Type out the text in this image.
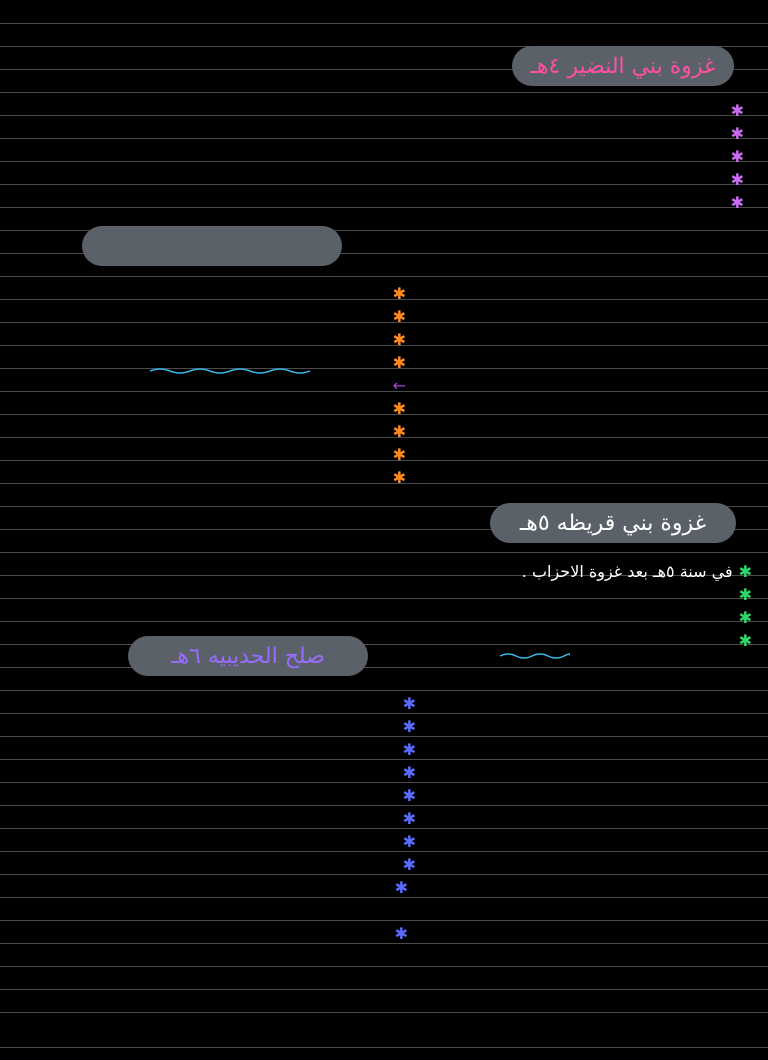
غزوة بني النضير ٤هـ
✱
✱
✱
✱
✱
✱
✱
✱
✱
←
✱
✱
✱
✱
غزوة بني قريظه ٥هـ
✱
في سنة ٥هـ بعد غزوة الاحزاب .
✱
✱
✱
صلح الحديبيه ٦هـ
✱
✱
✱
✱
✱
✱
✱
✱
✱
✱
